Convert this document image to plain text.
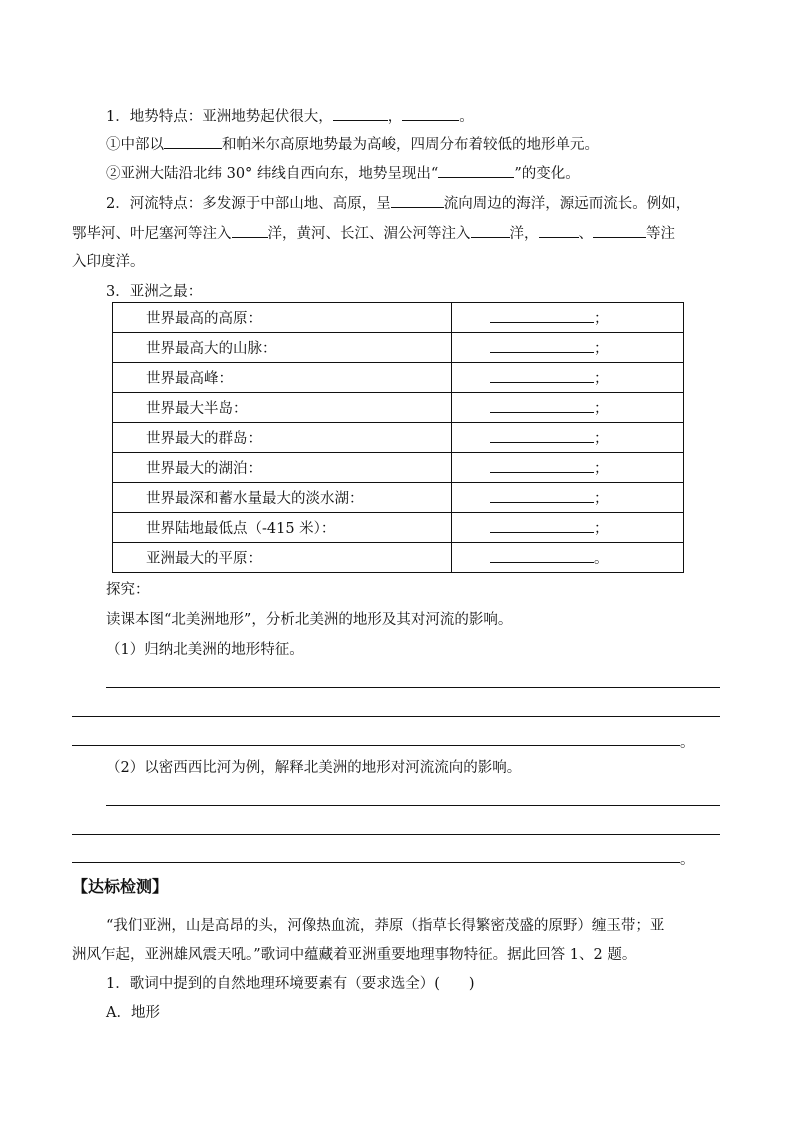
1．地势特点：亚洲地势起伏很大，	，	。
①中部以	和帕米尔高原地势最为高峻，四周分布着较低的地形单元。
②亚洲大陆沿北纬 30° 纬线自西向东，地势呈现出“	”的变化。
2．河流特点：多发源于中部山地、高原，呈	流向周边的海洋，源远而流长。例如，
鄂毕河、叶尼塞河等注入 洋，黄河、长江、湄公河等注入	洋，	、	等注
入印度洋。
3．亚洲之最：
世界最高的高原：	；
世界最高大的山脉：	；
世界最高峰：	；
世界最大半岛：	；
世界最大的群岛：	；
世界最大的湖泊：	；
世界最深和蓄水量最大的淡水湖：	；
世界陆地最低点（-415 米）：	；
亚洲最大的平原：	。
探究：
读课本图“北美洲地形”，分析北美洲的地形及其对河流的影响。
（1）归纳北美洲的地形特征。
。
（2）以密西西比河为例，解释北美洲的地形对河流流向的影响。
。
【达标检测】
“我们亚洲，山是高昂的头，河像热血流，莽原（指草长得繁密茂盛的原野）缠玉带；亚
洲风乍起，亚洲雄风震天吼。”歌词中蕴藏着亚洲重要地理事物特征。据此回答 1、2 题。
1．歌词中提到的自然地理环境要素有（要求选全）(　　)
A．地形
